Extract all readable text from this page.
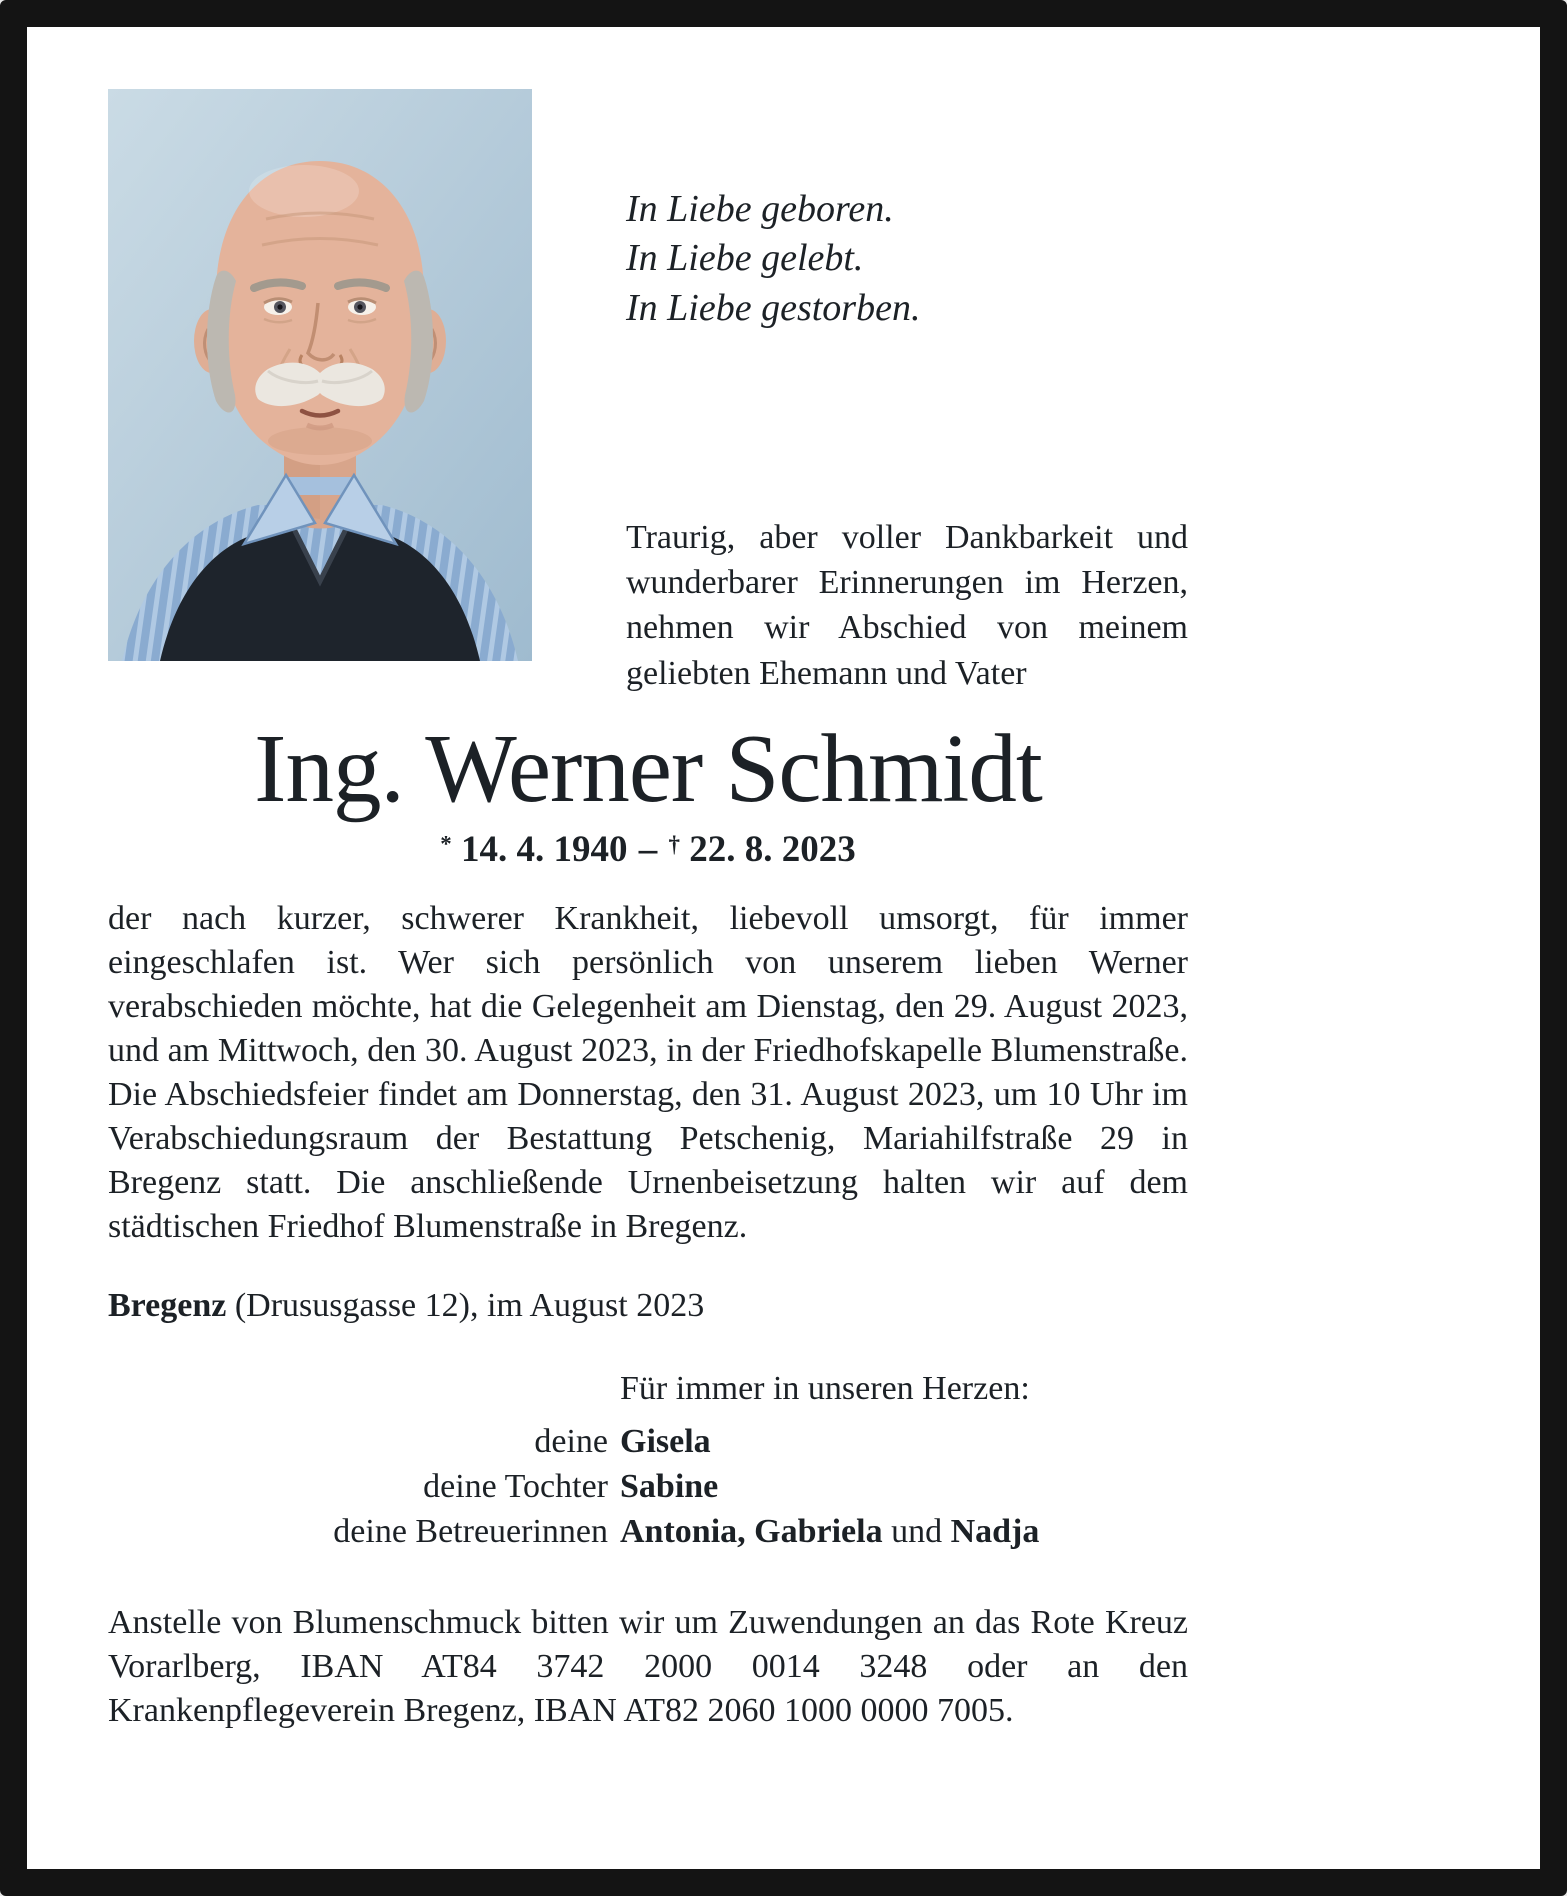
In Liebe geboren.
In Liebe gelebt.
In Liebe gestorben.

Traurig, aber voller Dankbarkeit und wunderbarer Erinnerungen im Herzen, nehmen wir Abschied von meinem geliebten Ehemann und Vater

Ing. Werner Schmidt
* 14. 4. 1940 – † 22. 8. 2023

der nach kurzer, schwerer Krankheit, liebevoll umsorgt, für immer eingeschlafen ist. Wer sich persönlich von unserem lieben Werner verabschieden möchte, hat die Gelegenheit am Dienstag, den 29. August 2023, und am Mittwoch, den 30. August 2023, in der Friedhofskapelle Blumenstraße. Die Abschiedsfeier findet am Donnerstag, den 31. August 2023, um 10 Uhr im Verabschiedungsraum der Bestattung Petschenig, Mariahilfstraße 29 in Bregenz statt. Die anschließende Urnenbeisetzung halten wir auf dem städtischen Friedhof Blumenstraße in Bregenz.

Bregenz (Drususgasse 12), im August 2023

Für immer in unseren Herzen:
deine Gisela
deine Tochter Sabine
deine Betreuerinnen Antonia, Gabriela und Nadja

Anstelle von Blumenschmuck bitten wir um Zuwendungen an das Rote Kreuz Vorarlberg, IBAN AT84 3742 2000 0014 3248 oder an den Krankenpflegeverein Bregenz, IBAN AT82 2060 1000 0000 7005.
